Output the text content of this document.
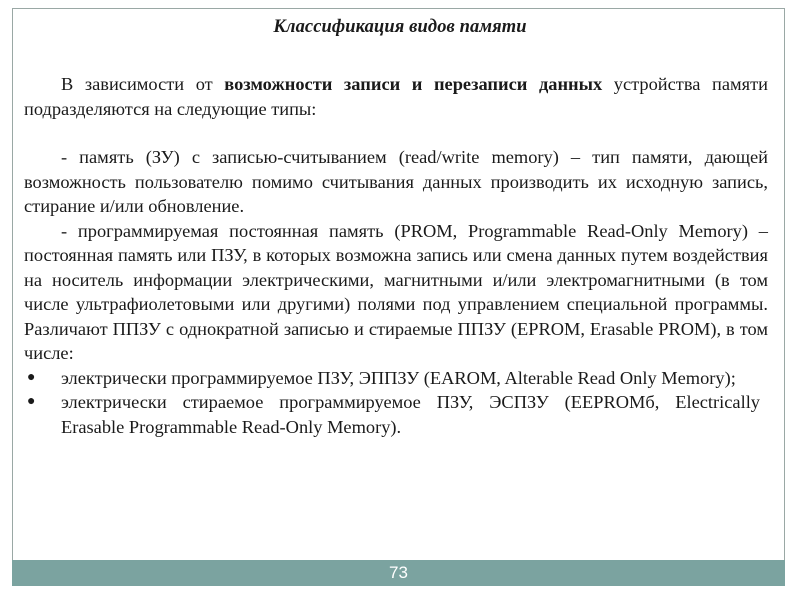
Классификация видов памяти

В зависимости от возможности записи и перезаписи данных устройства памяти подразделяются на следующие типы:

- память (ЗУ) с записью-считыванием (read/write memory) – тип памяти, дающей возможность пользователю помимо считывания данных производить их исходную запись, стирание и/или обновление.

- программируемая постоянная память (PROM, Programmable Read-Only Memory) – постоянная память или ПЗУ, в которых возможна запись или смена данных путем воздействия на носитель информации электрическими, магнитными и/или электромагнитными (в том числе ультрафиолетовыми или другими) полями под управлением специальной программы. Различают ППЗУ с однократной записью и стираемые ППЗУ (EPROM, Erasable PROM), в том числе:

● электрически программируемое ПЗУ, ЭППЗУ (EAROM, Alterable Read Only Memory);
● электрически стираемое программируемое ПЗУ, ЭСПЗУ (EEPROMб, Electrically Erasable Programmable Read-Only Memory).
73
